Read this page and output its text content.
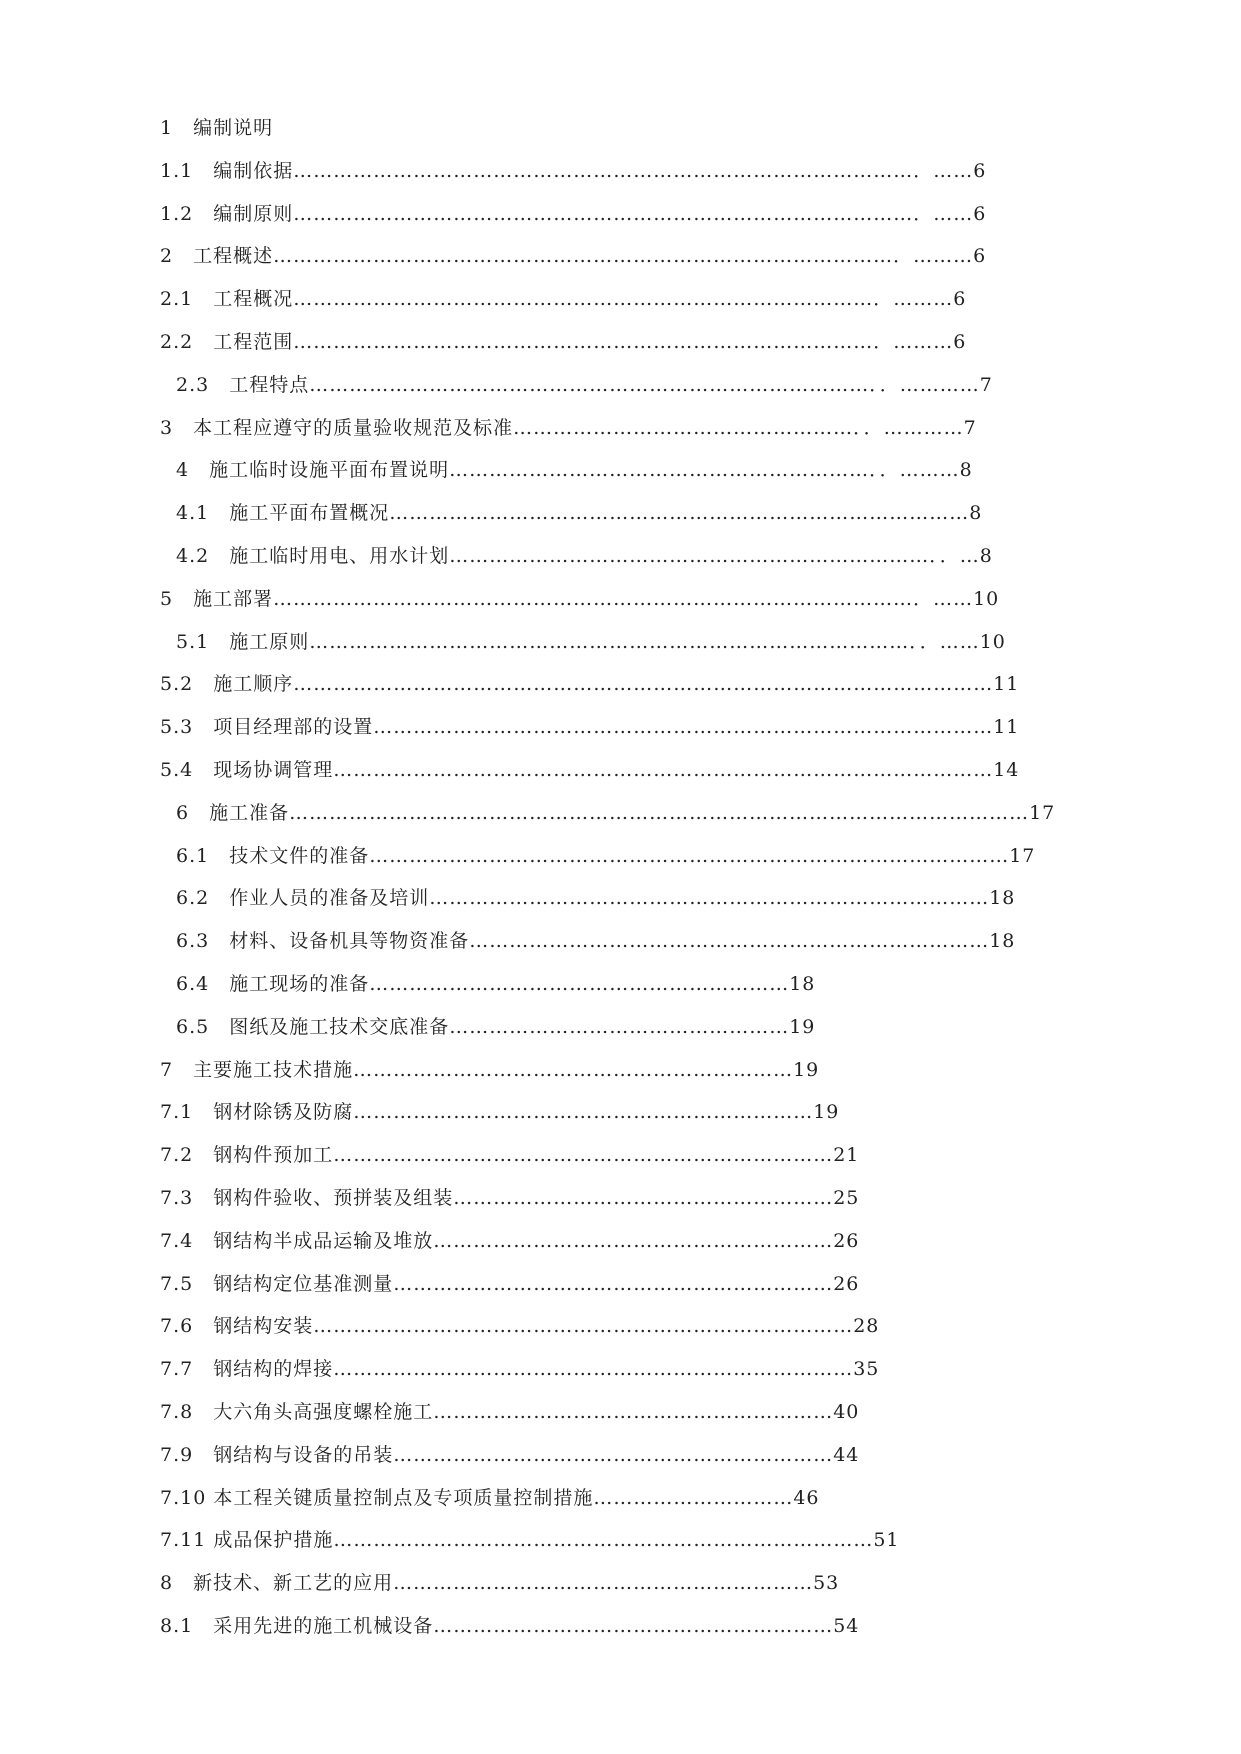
1　编制说明
1.1　编制依据…………………………………………………………………………………．……6
1.2　编制原则…………………………………………………………………………………．……6
2　工程概述…………………………………………………………………………………．………6
2.1　工程概况……………………………………………………………………………．………6
2.2　工程范围……………………………………………………………………………．………6
2.3　工程特点…………………………………………………………………………．．…………7
3　本工程应遵守的质量验收规范及标准……………………………………………．．…………7
4　施工临时设施平面布置说明………………………………………………………．．………8
4.1　施工平面布置概况……………………………………………………………………………8
4.2　施工临时用电、用水计划………………………………………………………………．．…8
5　施工部署……………………………………………………………………………………．……10
5.1　施工原则………………………………………………………………………………．．……10
5.2　施工顺序……………………………………………………………………………………………11
5.3　项目经理部的设置…………………………………………………………………………………11
5.4　现场协调管理………………………………………………………………………………………14
6　施工准备…………………………………………………………………………………………………17
6.1　技术文件的准备……………………………………………………………………………………17
6.2　作业人员的准备及培训…………………………………………………………………………18
6.3　材料、设备机具等物资准备……………………………………………………………………18
6.4　施工现场的准备………………………………………………………18
6.5　图纸及施工技术交底准备……………………………………………19
7　主要施工技术措施…………………………………………………………19
7.1　钢材除锈及防腐……………………………………………………………19
7.2　钢构件预加工…………………………………………………………………21
7.3　钢构件验收、预拼装及组装…………………………………………………25
7.4　钢结构半成品运输及堆放……………………………………………………26
7.5　钢结构定位基准测量…………………………………………………………26
7.6　钢结构安装………………………………………………………………………28
7.7　钢结构的焊接……………………………………………………………………35
7.8　大六角头高强度螺栓施工……………………………………………………40
7.9　钢结构与设备的吊装…………………………………………………………44
7.10 本工程关键质量控制点及专项质量控制措施…………………………46
7.11 成品保护措施………………………………………………………………………51
8　新技术、新工艺的应用………………………………………………………53
8.1　采用先进的施工机械设备……………………………………………………54
